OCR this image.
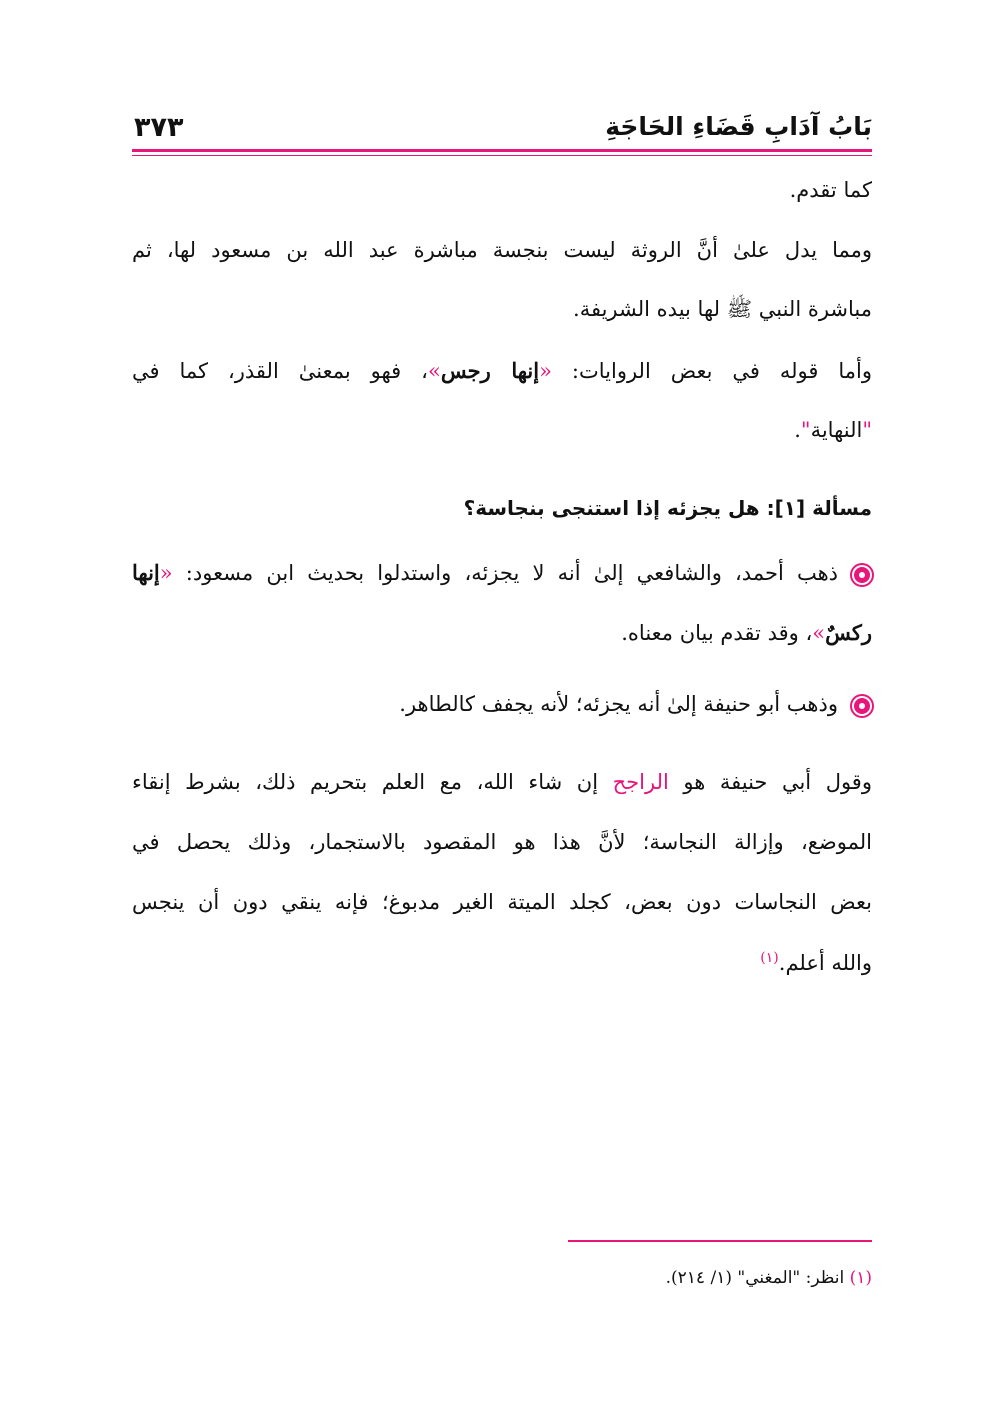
بَابُ آدَابِ قَضَاءِ الحَاجَةِ
٣٧٣
كما تقدم.
ومما يدل علىٰ أنَّ الروثة ليست بنجسة مباشرة عبد الله بن مسعود لها، ثم
مباشرة النبي ﷺ لها بيده الشريفة.
وأما قوله في بعض الروايات: «إنها رجس»، فهو بمعنىٰ القذر، كما في
"النهاية".
مسألة [١]: هل يجزئه إذا استنجى بنجاسة؟
ذهب أحمد، والشافعي إلىٰ أنه لا يجزئه، واستدلوا بحديث ابن مسعود: «إنها
ركسٌ»، وقد تقدم بيان معناه.
وذهب أبو حنيفة إلىٰ أنه يجزئه؛ لأنه يجفف كالطاهر.
وقول أبي حنيفة هو الراجح إن شاء الله، مع العلم بتحريم ذلك، بشرط إنقاء
الموضع، وإزالة النجاسة؛ لأنَّ هذا هو المقصود بالاستجمار، وذلك يحصل في
بعض النجاسات دون بعض، كجلد الميتة الغير مدبوغ؛ فإنه ينقي دون أن ينجس
والله أعلم.$^{(١)}$
(١) انظر: "المغني" (١/ ٢١٤).
